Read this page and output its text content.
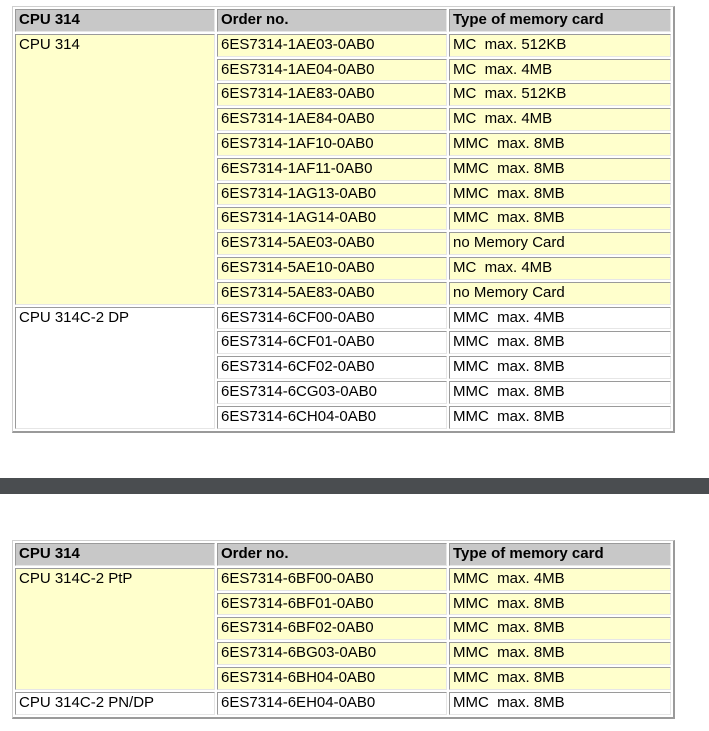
CPU 314	Order no.	Type of memory card
CPU 314	6ES7314-1AE03-0AB0	MC  max. 512KB
	6ES7314-1AE04-0AB0	MC  max. 4MB
	6ES7314-1AE83-0AB0	MC  max. 512KB
	6ES7314-1AE84-0AB0	MC  max. 4MB
	6ES7314-1AF10-0AB0	MMC  max. 8MB
	6ES7314-1AF11-0AB0	MMC  max. 8MB
	6ES7314-1AG13-0AB0	MMC  max. 8MB
	6ES7314-1AG14-0AB0	MMC  max. 8MB
	6ES7314-5AE03-0AB0	no Memory Card
	6ES7314-5AE10-0AB0	MC  max. 4MB
	6ES7314-5AE83-0AB0	no Memory Card
CPU 314C-2 DP	6ES7314-6CF00-0AB0	MMC  max. 4MB
	6ES7314-6CF01-0AB0	MMC  max. 8MB
	6ES7314-6CF02-0AB0	MMC  max. 8MB
	6ES7314-6CG03-0AB0	MMC  max. 8MB
	6ES7314-6CH04-0AB0	MMC  max. 8MB
CPU 314	Order no.	Type of memory card
CPU 314C-2 PtP	6ES7314-6BF00-0AB0	MMC  max. 4MB
	6ES7314-6BF01-0AB0	MMC  max. 8MB
	6ES7314-6BF02-0AB0	MMC  max. 8MB
	6ES7314-6BG03-0AB0	MMC  max. 8MB
	6ES7314-6BH04-0AB0	MMC  max. 8MB
CPU 314C-2 PN/DP	6ES7314-6EH04-0AB0	MMC  max. 8MB
